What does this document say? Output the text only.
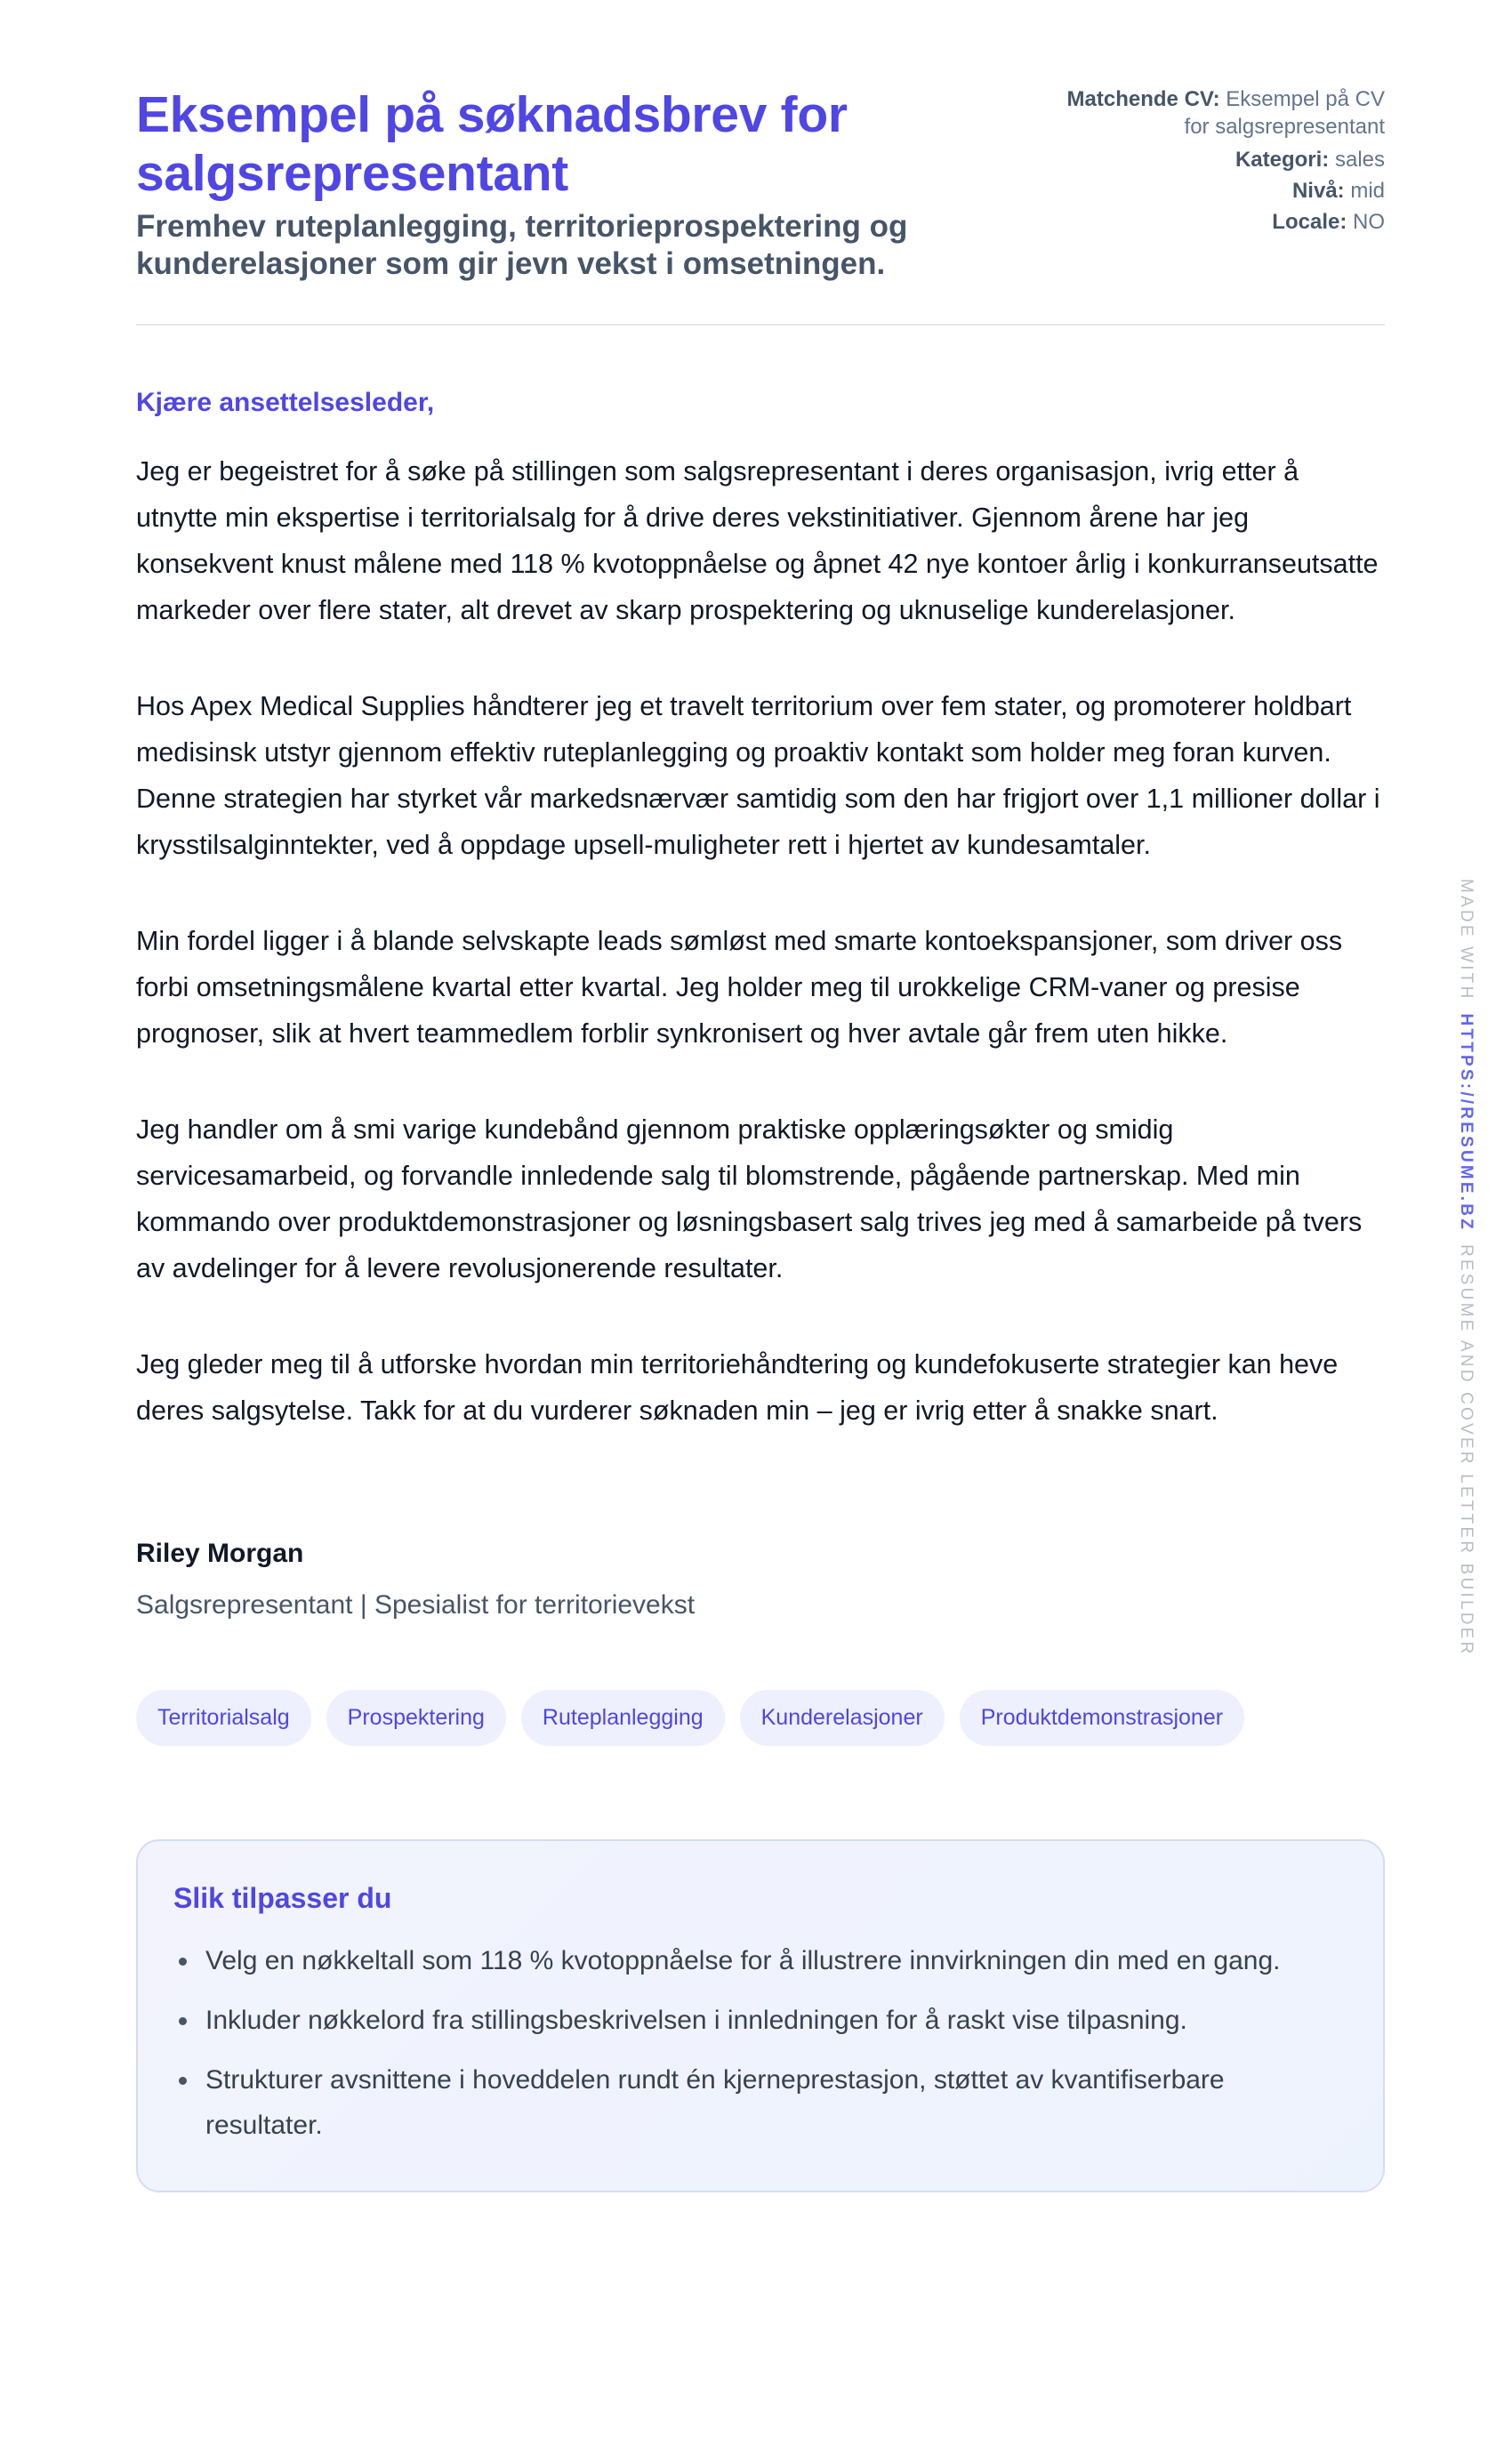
Eksempel på søknadsbrev for salgsrepresentant

Fremhev ruteplanlegging, territorieprospektering og kunderelasjoner som gir jevn vekst i omsetningen.

Matchende CV: Eksempel på CV for salgsrepresentant
Kategori: sales
Nivå: mid
Locale: NO

Kjære ansettelsesleder,

Jeg er begeistret for å søke på stillingen som salgsrepresentant i deres organisasjon, ivrig etter å utnytte min ekspertise i territorialsalg for å drive deres vekstinitiativer. Gjennom årene har jeg konsekvent knust målene med 118 % kvotoppnåelse og åpnet 42 nye kontoer årlig i konkurranseutsatte markeder over flere stater, alt drevet av skarp prospektering og uknuselige kunderelasjoner.

Hos Apex Medical Supplies håndterer jeg et travelt territorium over fem stater, og promoterer holdbart medisinsk utstyr gjennom effektiv ruteplanlegging og proaktiv kontakt som holder meg foran kurven. Denne strategien har styrket vår markedsnærvær samtidig som den har frigjort over 1,1 millioner dollar i krysstilsalginntekter, ved å oppdage upsell-muligheter rett i hjertet av kundesamtaler.

Min fordel ligger i å blande selvskapte leads sømløst med smarte kontoekspansjoner, som driver oss forbi omsetningsmålene kvartal etter kvartal. Jeg holder meg til urokkelige CRM-vaner og presise prognoser, slik at hvert teammedlem forblir synkronisert og hver avtale går frem uten hikke.

Jeg handler om å smi varige kundebånd gjennom praktiske opplæringsøkter og smidig servicesamarbeid, og forvandle innledende salg til blomstrende, pågående partnerskap. Med min kommando over produktdemonstrasjoner og løsningsbasert salg trives jeg med å samarbeide på tvers av avdelinger for å levere revolusjonerende resultater.

Jeg gleder meg til å utforske hvordan min territoriehåndtering og kundefokuserte strategier kan heve deres salgsytelse. Takk for at du vurderer søknaden min – jeg er ivrig etter å snakke snart.

Riley Morgan

Salgsrepresentant | Spesialist for territorievekst

Territorialsalg	Prospektering	Ruteplanlegging	Kunderelasjoner	Produktdemonstrasjoner
Slik tilpasser du
Velg en nøkkeltall som 118 % kvotoppnåelse for å illustrere innvirkningen din med en gang.
Inkluder nøkkelord fra stillingsbeskrivelsen i innledningen for å raskt vise tilpasning.
Strukturer avsnittene i hoveddelen rundt én kjerneprestasjon, støttet av kvantifiserbare resultater.
MADE WITHHTTPS://RESUME.BZRESUME AND COVER LETTER BUILDER
